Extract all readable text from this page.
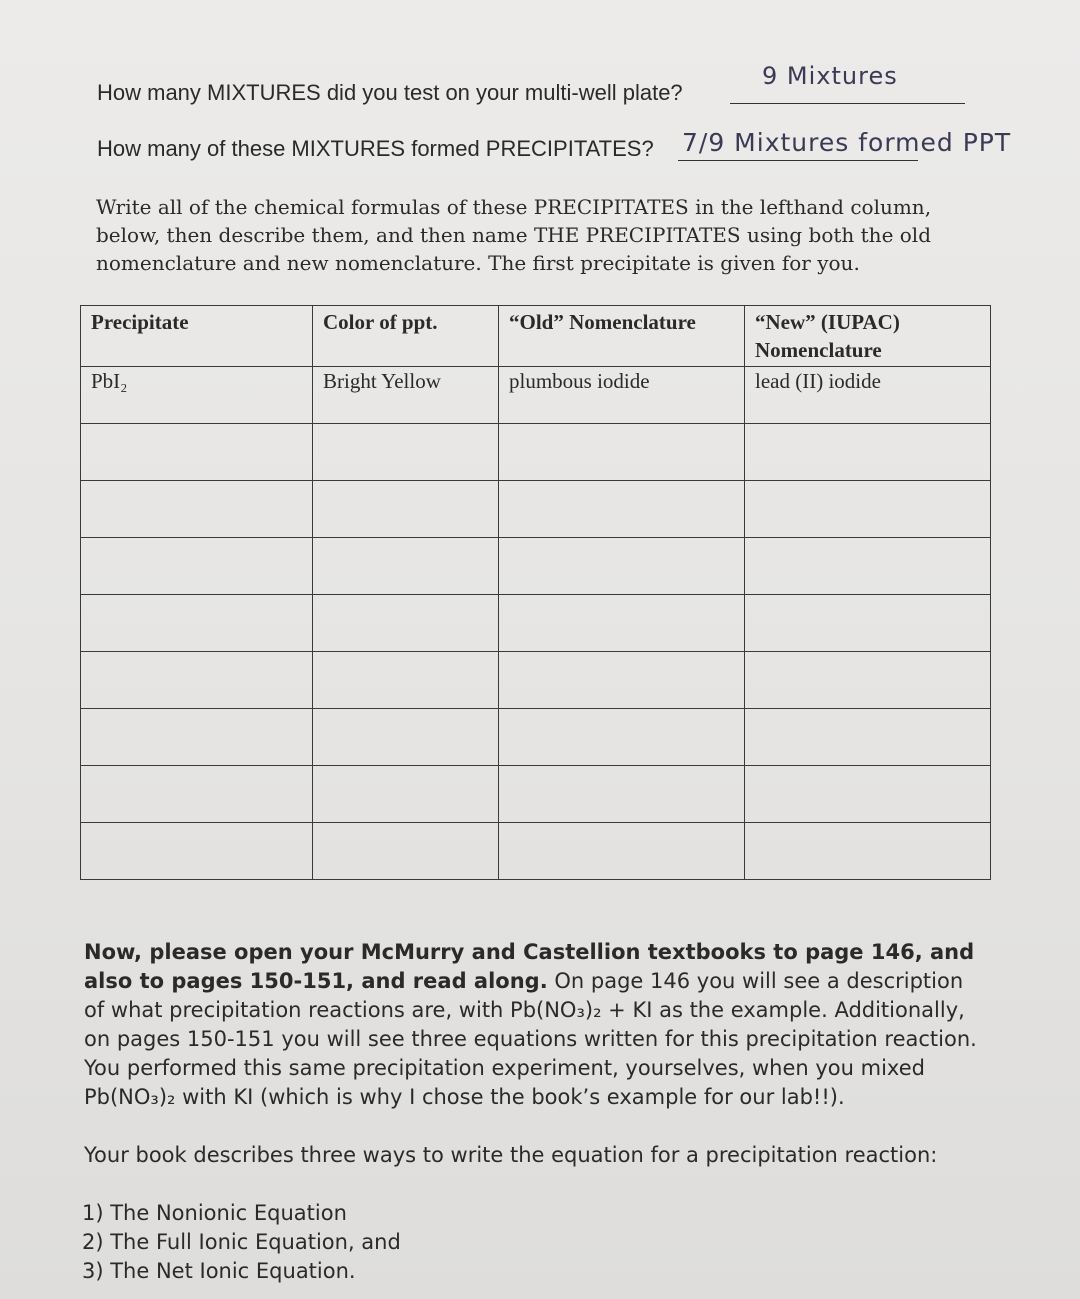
How many MIXTURES did you test on your multi-well plate?
9 Mixtures
How many of these MIXTURES formed PRECIPITATES? 7/9 Mixtures formed PPT
Write all of the chemical formulas of these PRECIPITATES in the lefthand column, below, then describe them, and then name THE PRECIPITATES using both the old nomenclature and new nomenclature. The first precipitate is given for you.
Precipitate	Color of ppt.	“Old” Nomenclature	“New” (IUPAC) Nomenclature
PbI₂	Bright Yellow	plumbous iodide	lead (II) iodide

Now, please open your McMurry and Castellion textbooks to page 146, and also to pages 150-151, and read along. On page 146 you will see a description of what precipitation reactions are, with Pb(NO₃)₂ + KI as the example. Additionally, on pages 150-151 you will see three equations written for this precipitation reaction. You performed this same precipitation experiment, yourselves, when you mixed Pb(NO₃)₂ with KI (which is why I chose the book’s example for our lab!!).
Your book describes three ways to write the equation for a precipitation reaction:
1) The Nonionic Equation
2) The Full Ionic Equation, and
3) The Net Ionic Equation.
